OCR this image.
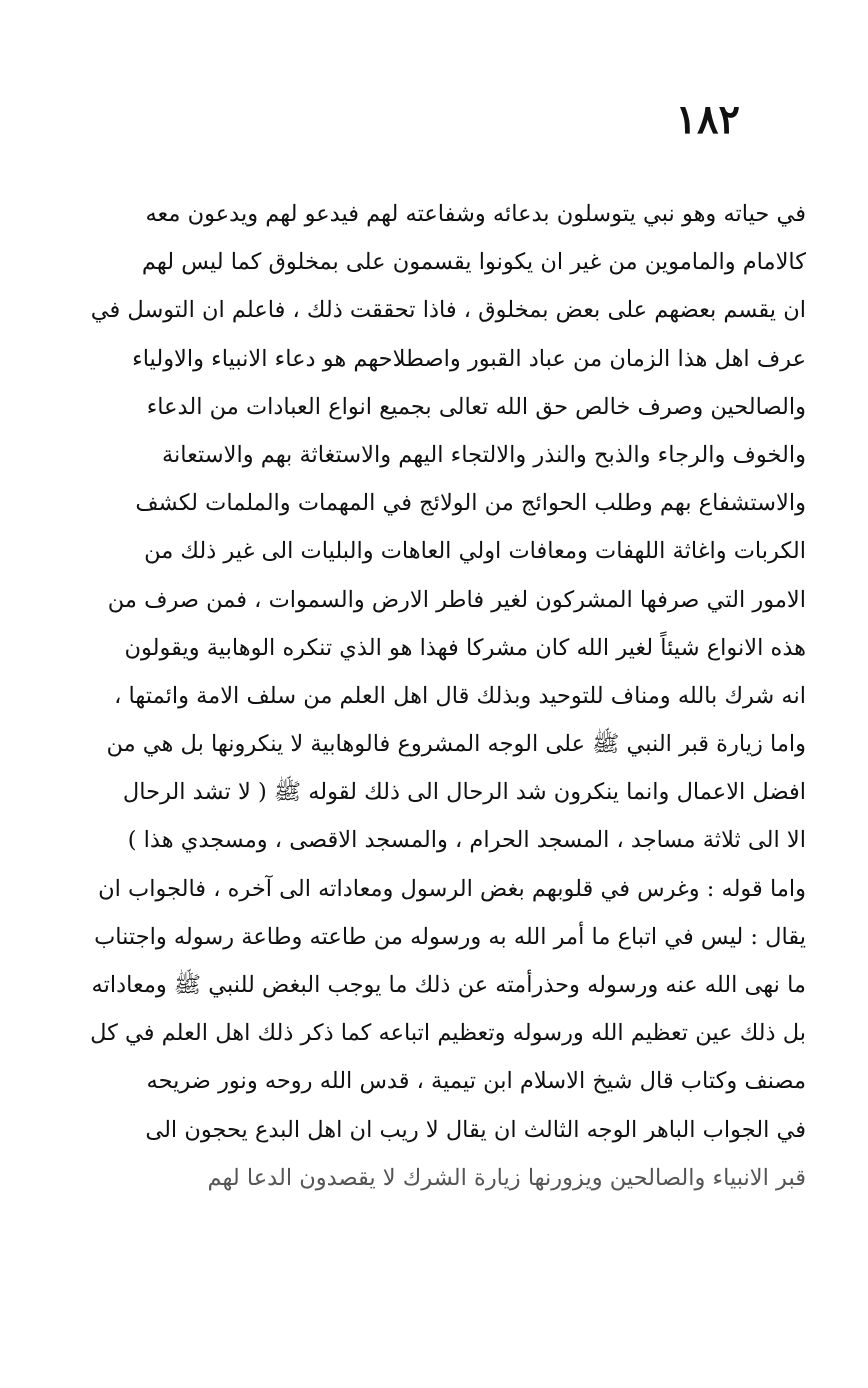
١٨٢
في حياته وهو نبي يتوسلون بدعائه وشفاعته لهم فيدعو لهم ويدعون معه
كالامام والماموين من غير ان يكونوا يقسمون على بمخلوق كما ليس لهم
ان يقسم بعضهم على بعض بمخلوق ، فاذا تحققت ذلك ، فاعلم ان التوسل في
عرف اهل هذا الزمان من عباد القبور واصطلاحهم هو دعاء الانبياء والاولياء
والصالحين وصرف خالص حق الله تعالى بجميع انواع العبادات من الدعاء
والخوف والرجاء والذبح والنذر والالتجاء اليهم والاستغاثة بهم والاستعانة
والاستشفاع بهم وطلب الحوائج من الولائج في المهمات والملمات لكشف
الكربات واغاثة اللهفات ومعافات اولي العاهات والبليات الى غير ذلك من
الامور التي صرفها المشركون لغير فاطر الارض والسموات ، فمن صرف من
هذه الانواع شيئاً لغير الله كان مشركا فهذا هو الذي تنكره الوهابية ويقولون
انه شرك بالله ومناف للتوحيد وبذلك قال اهل العلم من سلف الامة وائمتها ،
واما زيارة قبر النبي ﷺ على الوجه المشروع فالوهابية لا ينكرونها بل هي من
افضل الاعمال وانما ينكرون شد الرحال الى ذلك لقوله ﷺ ( لا تشد الرحال
الا الى ثلاثة مساجد ، المسجد الحرام ، والمسجد الاقصى ، ومسجدي هذا )
واما قوله : وغرس في قلوبهم بغض الرسول ومعاداته الى آخره ، فالجواب ان
يقال : ليس في اتباع ما أمر الله به ورسوله من طاعته وطاعة رسوله واجتناب
ما نهى الله عنه ورسوله وحذرأمته عن ذلك ما يوجب البغض للنبي ﷺ ومعاداته
بل ذلك عين تعظيم الله ورسوله وتعظيم اتباعه كما ذكر ذلك اهل العلم في كل
مصنف وكتاب قال شيخ الاسلام ابن تيمية ، قدس الله روحه ونور ضريحه
في الجواب الباهر الوجه الثالث ان يقال لا ريب ان اهل البدع يحجون الى
قبر الانبياء والصالحين ويزورنها زيارة الشرك لا يقصدون الدعا لهم
